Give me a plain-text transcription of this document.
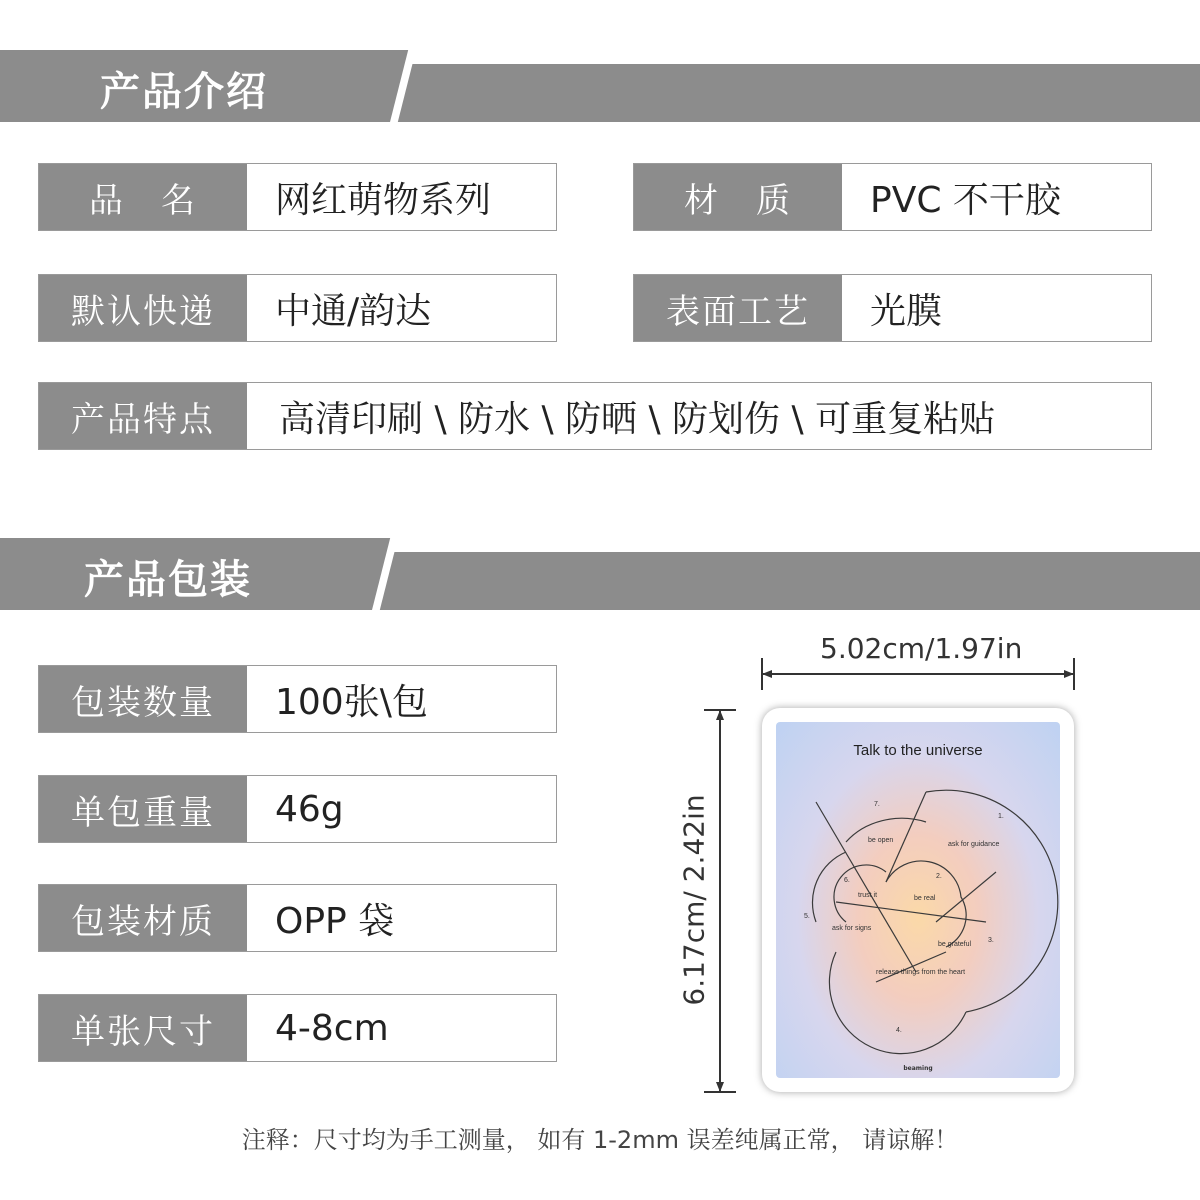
产品介绍
品　名	网红萌物系列	材　质	PVC 不干胶
默认快递	中通/韵达	表面工艺	光膜
产品特点	高清印刷 \ 防水 \ 防晒 \ 防划伤 \ 可重复粘贴
产品包装
包装数量	100张\包
单包重量	46g
包装材质	OPP 袋
单张尺寸	4-8cm
5.02cm/1.97in
6.17cm/ 2.42in
Talk to the universe
ask for guidance
be real
be grateful
release things from the heart
ask for signs
trust it
be open
1.
2.
3.
4.
5.
6.
7.
beaming
注释：尺寸均为手工测量， 如有 1-2mm 误差纯属正常， 请谅解！
